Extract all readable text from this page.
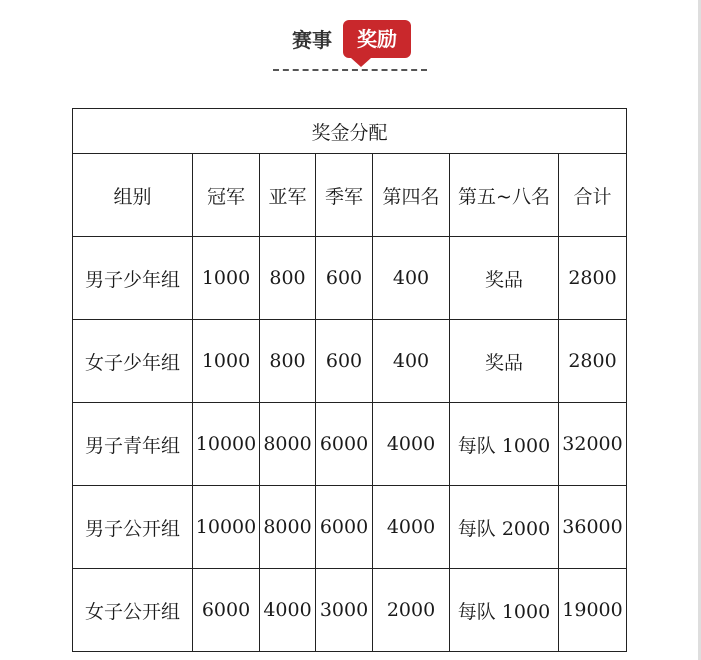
赛事	奖励
奖金分配						
组别	冠军	亚军	季军	第四名	第五~八名	合计
男子少年组	1000	800	600	400	奖品	2800
女子少年组	1000	800	600	400	奖品	2800
男子青年组	10000	8000	6000	4000	每队 1000	32000
男子公开组	10000	8000	6000	4000	每队 2000	36000
女子公开组	6000	4000	3000	2000	每队 1000	19000
